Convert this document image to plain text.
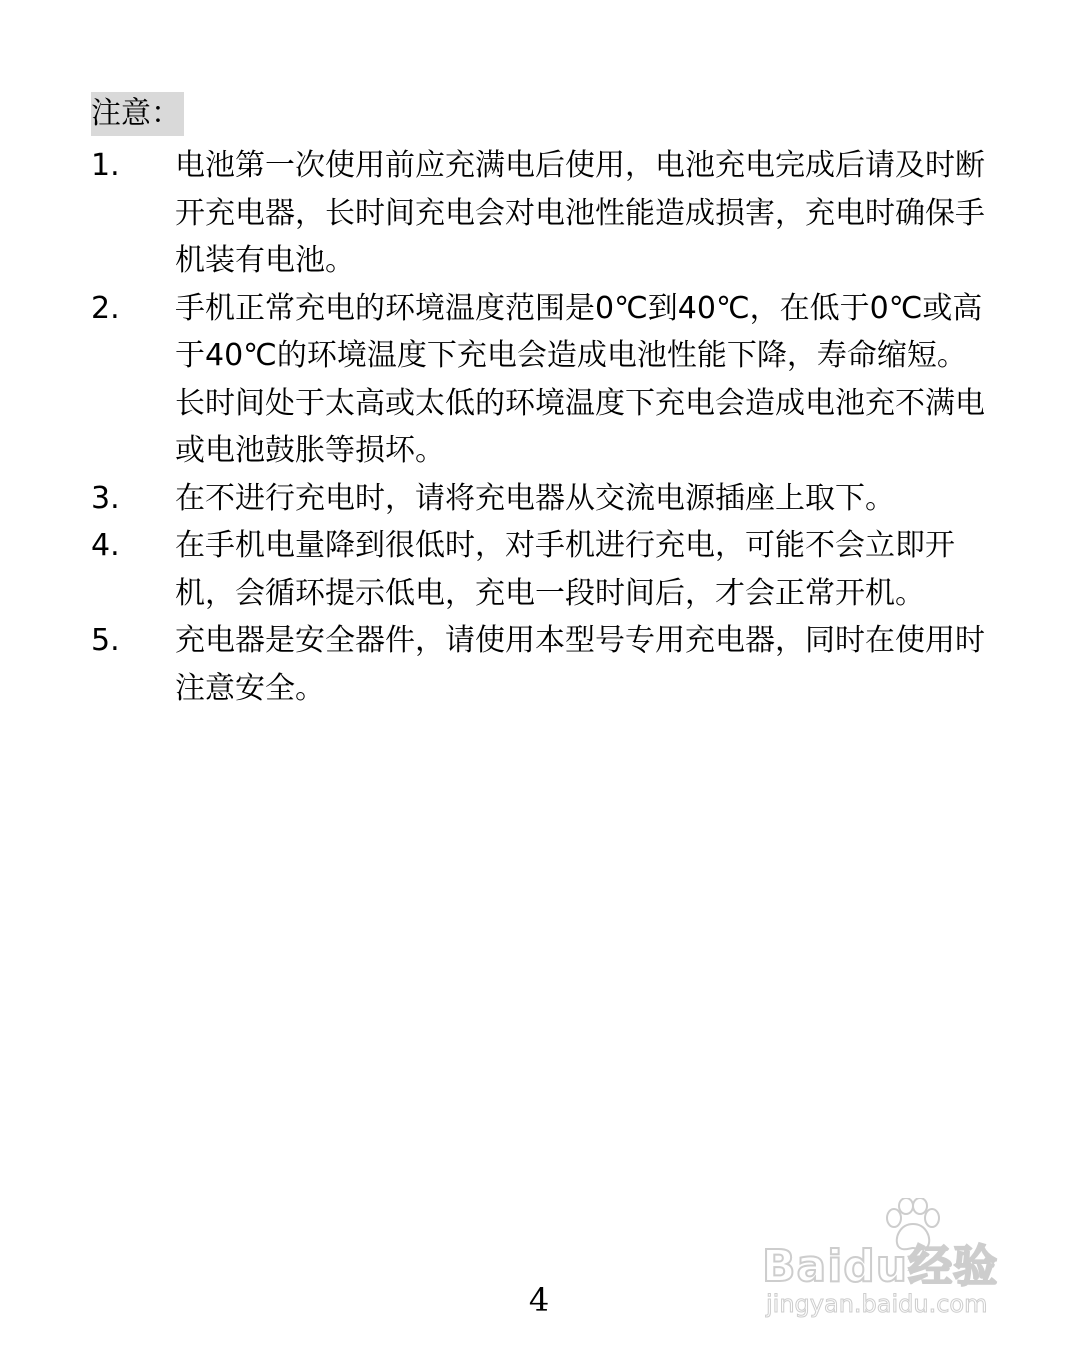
注意：
1.	电池第一次使用前应充满电后使用，电池充电完成后请及时断开充电器，长时间充电会对电池性能造成损害，充电时确保手机装有电池。
2.	手机正常充电的环境温度范围是0℃到40℃，在低于0℃或高于40℃的环境温度下充电会造成电池性能下降，寿命缩短。长时间处于太高或太低的环境温度下充电会造成电池充不满电或电池鼓胀等损坏。
3.	在不进行充电时，请将充电器从交流电源插座上取下。
4.	在手机电量降到很低时，对手机进行充电，可能不会立即开机，会循环提示低电，充电一段时间后，才会正常开机。
5.	充电器是安全器件，请使用本型号专用充电器，同时在使用时注意安全。
Baidu经验
jingyan.baidu.com
4
